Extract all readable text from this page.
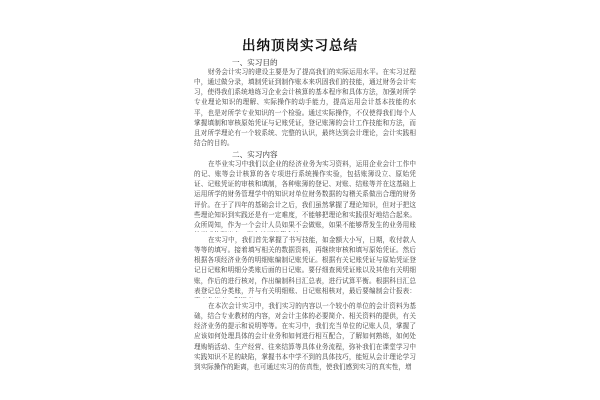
出纳顶岗实习总结
一、实习目的

财务会计实习的建设主要是为了提高我们的实际运用水平。在实习过程中，通过做分录，填制凭证到制作账本来巩固我们的技能，通过财务会计实习，使得我们系统地练习企业会计核算的基本程序和具体方法，加强对所学专业理论知识的理解、实际操作的动手能力，提高运用会计基本技能的水平，也是对所学专业知识的一个检验。通过实际操作，不仅使得我们每个人掌握填制和审核原始凭证与记账凭证，登记账簿的会计工作技能和方法，而且对所学理论有一个较系统、完整的认识，最终达到会计理论，会计实践相结合的目的。

二、实习内容

在毕业实习中我们以企业的经济业务为实习资料，运用企业会计工作中的记、账等会计核算的各专项进行系统操作实验，包括账簿设立、原始凭证、记账凭证的审核和填制，各种账簿的登记、对账、结账等并在这基础上运用所学的财务管理学中的知识对单位财务数据的勾稽关系做出合理的财务评价。在于了四年的基础会计之后，我们虽然掌握了理论知识，但对于把这些理论知识到实践还是有一定难度，不能够把理论和实践很好地结合起来。众所周知，作为一个会计人员如果不会做账，如果不能够帮发生的业务用账

在实习中，我们首先掌握了书写技能，如金额大小写，日期，收付款人等等的填写。接着填写相关的数据资料，再继续审核和填写原始凭证。然后根据各项经济业务的明细账编制记账凭证。根据有关记账凭证与原始凭证登记日记账和明细分类账后面的日记账。要仔细查阅凭证账以及其他有关明细账，作后的进行核对，作出编制科目汇总表，进行试算平衡。根据科目汇总表登记总分类账，并与有关明细账、日记账相核对，最后要编制会计报表：

在本次会计实习中，我们实习的内容以一个较小的单位的会计资料为基础，结合专业教材的内容，对会计主体的必要简介、相关资料的提供，有关经济业务的提示和说明等等。在实习中，我们充当单位的记账人员，掌握了应该如何处理具体的会计业务和如何进行相互配合，了解如何熟练，如何处理购销活动、生产经营、往来结算等具体业务流程，弥补我们在课堂学习中实践知识不足的缺陷，掌握书本中学不到的具体技巧，能短从会计理论学习到实际操作的距离，也可通过实习的仿真性，使我们感到实习的真实性，增
